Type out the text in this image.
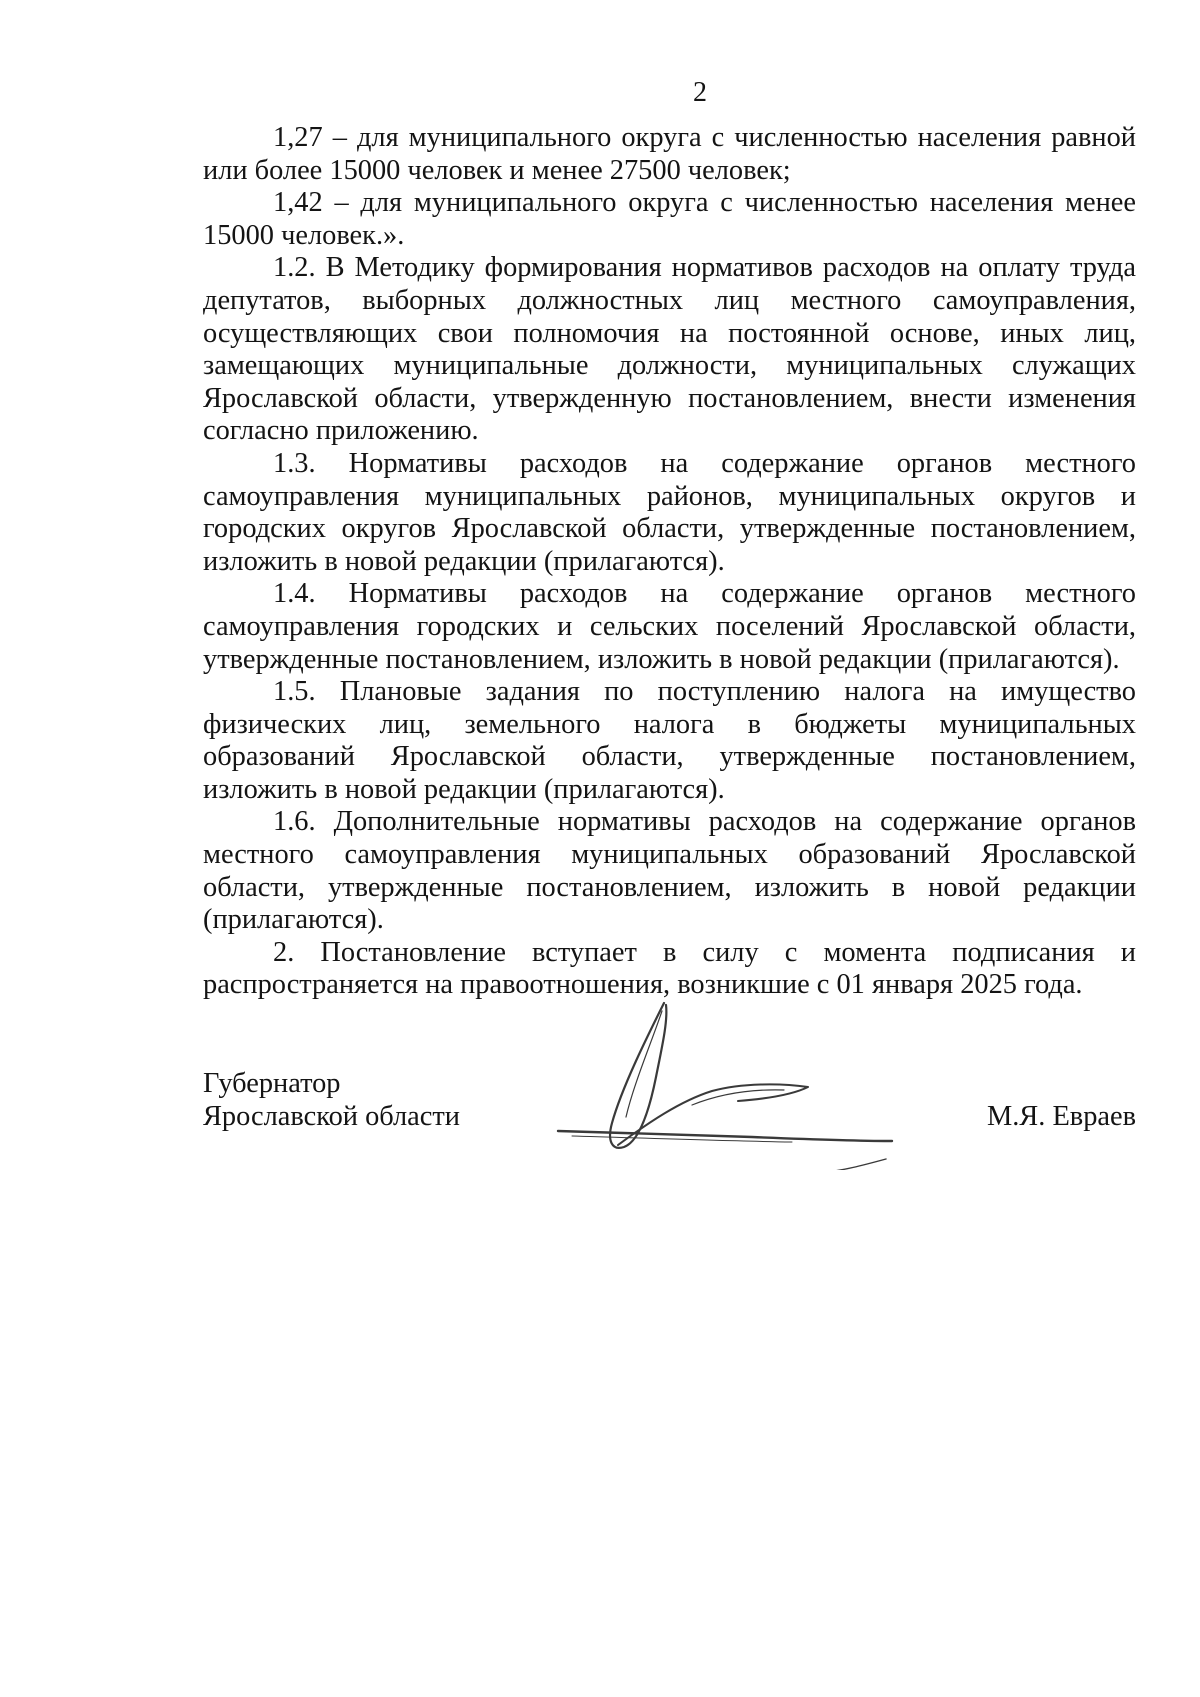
2

1,27 – для муниципального округа с численностью населения равной или более 15000 человек и менее 27500 человек;

1,42 – для муниципального округа с численностью населения менее 15000 человек.».

1.2. В Методику формирования нормативов расходов на оплату труда депутатов, выборных должностных лиц местного самоуправления, осуществляющих свои полномочия на постоянной основе, иных лиц, замещающих муниципальные должности, муниципальных служащих Ярославской области, утвержденную постановлением, внести изменения согласно приложению.

1.3. Нормативы расходов на содержание органов местного самоуправления муниципальных районов, муниципальных округов и городских округов Ярославской области, утвержденные постановлением, изложить в новой редакции (прилагаются).

1.4. Нормативы расходов на содержание органов местного самоуправления городских и сельских поселений Ярославской области, утвержденные постановлением, изложить в новой редакции (прилагаются).

1.5. Плановые задания по поступлению налога на имущество физических лиц, земельного налога в бюджеты муниципальных образований Ярославской области, утвержденные постановлением, изложить в новой редакции (прилагаются).

1.6. Дополнительные нормативы расходов на содержание органов местного самоуправления муниципальных образований Ярославской области, утвержденные постановлением, изложить в новой редакции (прилагаются).

2. Постановление вступает в силу с момента подписания и распространяется на правоотношения, возникшие с 01 января 2025 года.

Губернатор
Ярославской области	М.Я. Евраев
